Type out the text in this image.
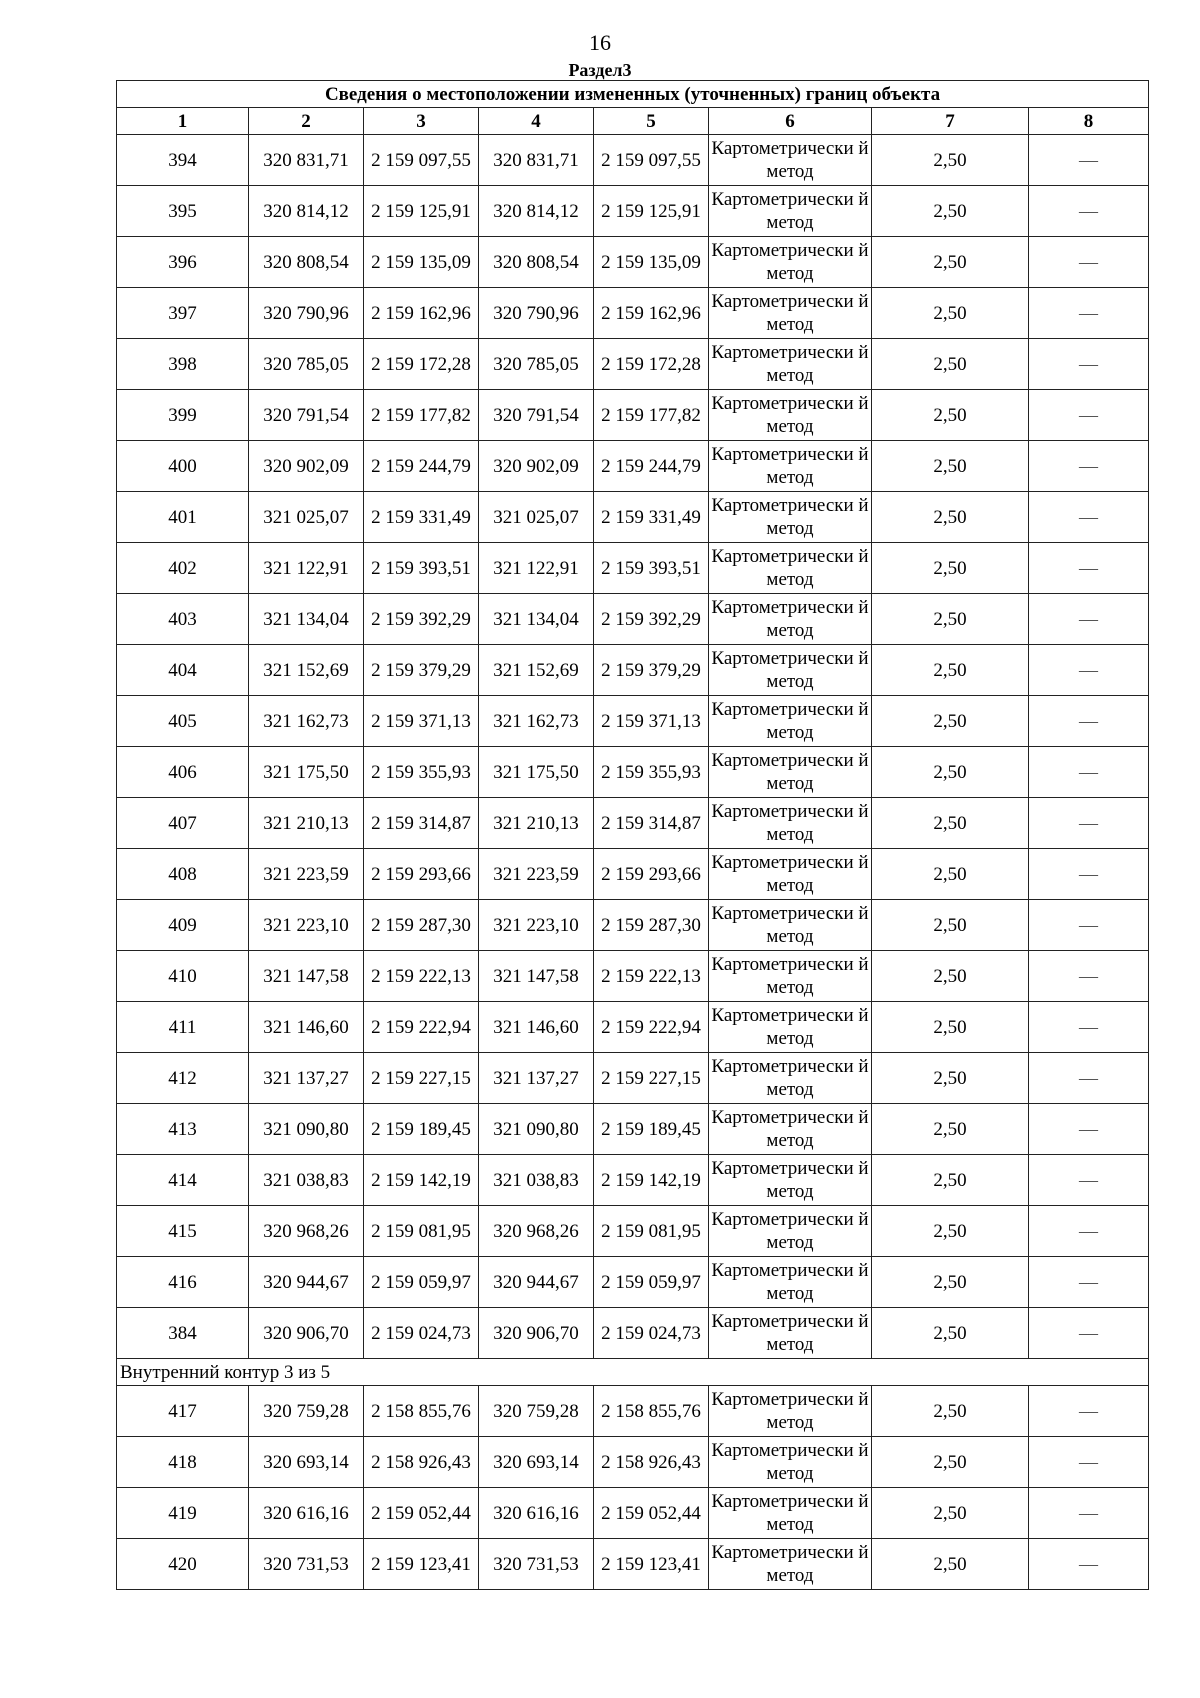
16
Раздел3
Сведения о местоположении измененных (уточненных) границ объекта							
1	2	3	4	5	6	7	8
394	320 831,71	2 159 097,55	320 831,71	2 159 097,55	Картометрически й метод	2,50	—
395	320 814,12	2 159 125,91	320 814,12	2 159 125,91	Картометрически й метод	2,50	—
396	320 808,54	2 159 135,09	320 808,54	2 159 135,09	Картометрически й метод	2,50	—
397	320 790,96	2 159 162,96	320 790,96	2 159 162,96	Картометрически й метод	2,50	—
398	320 785,05	2 159 172,28	320 785,05	2 159 172,28	Картометрически й метод	2,50	—
399	320 791,54	2 159 177,82	320 791,54	2 159 177,82	Картометрически й метод	2,50	—
400	320 902,09	2 159 244,79	320 902,09	2 159 244,79	Картометрически й метод	2,50	—
401	321 025,07	2 159 331,49	321 025,07	2 159 331,49	Картометрически й метод	2,50	—
402	321 122,91	2 159 393,51	321 122,91	2 159 393,51	Картометрически й метод	2,50	—
403	321 134,04	2 159 392,29	321 134,04	2 159 392,29	Картометрически й метод	2,50	—
404	321 152,69	2 159 379,29	321 152,69	2 159 379,29	Картометрически й метод	2,50	—
405	321 162,73	2 159 371,13	321 162,73	2 159 371,13	Картометрически й метод	2,50	—
406	321 175,50	2 159 355,93	321 175,50	2 159 355,93	Картометрически й метод	2,50	—
407	321 210,13	2 159 314,87	321 210,13	2 159 314,87	Картометрически й метод	2,50	—
408	321 223,59	2 159 293,66	321 223,59	2 159 293,66	Картометрически й метод	2,50	—
409	321 223,10	2 159 287,30	321 223,10	2 159 287,30	Картометрически й метод	2,50	—
410	321 147,58	2 159 222,13	321 147,58	2 159 222,13	Картометрически й метод	2,50	—
411	321 146,60	2 159 222,94	321 146,60	2 159 222,94	Картометрически й метод	2,50	—
412	321 137,27	2 159 227,15	321 137,27	2 159 227,15	Картометрически й метод	2,50	—
413	321 090,80	2 159 189,45	321 090,80	2 159 189,45	Картометрически й метод	2,50	—
414	321 038,83	2 159 142,19	321 038,83	2 159 142,19	Картометрически й метод	2,50	—
415	320 968,26	2 159 081,95	320 968,26	2 159 081,95	Картометрически й метод	2,50	—
416	320 944,67	2 159 059,97	320 944,67	2 159 059,97	Картометрически й метод	2,50	—
384	320 906,70	2 159 024,73	320 906,70	2 159 024,73	Картометрически й метод	2,50	—
Внутренний контур 3 из 5							
417	320 759,28	2 158 855,76	320 759,28	2 158 855,76	Картометрически й метод	2,50	—
418	320 693,14	2 158 926,43	320 693,14	2 158 926,43	Картометрически й метод	2,50	—
419	320 616,16	2 159 052,44	320 616,16	2 159 052,44	Картометрически й метод	2,50	—
420	320 731,53	2 159 123,41	320 731,53	2 159 123,41	Картометрически й метод	2,50	—
